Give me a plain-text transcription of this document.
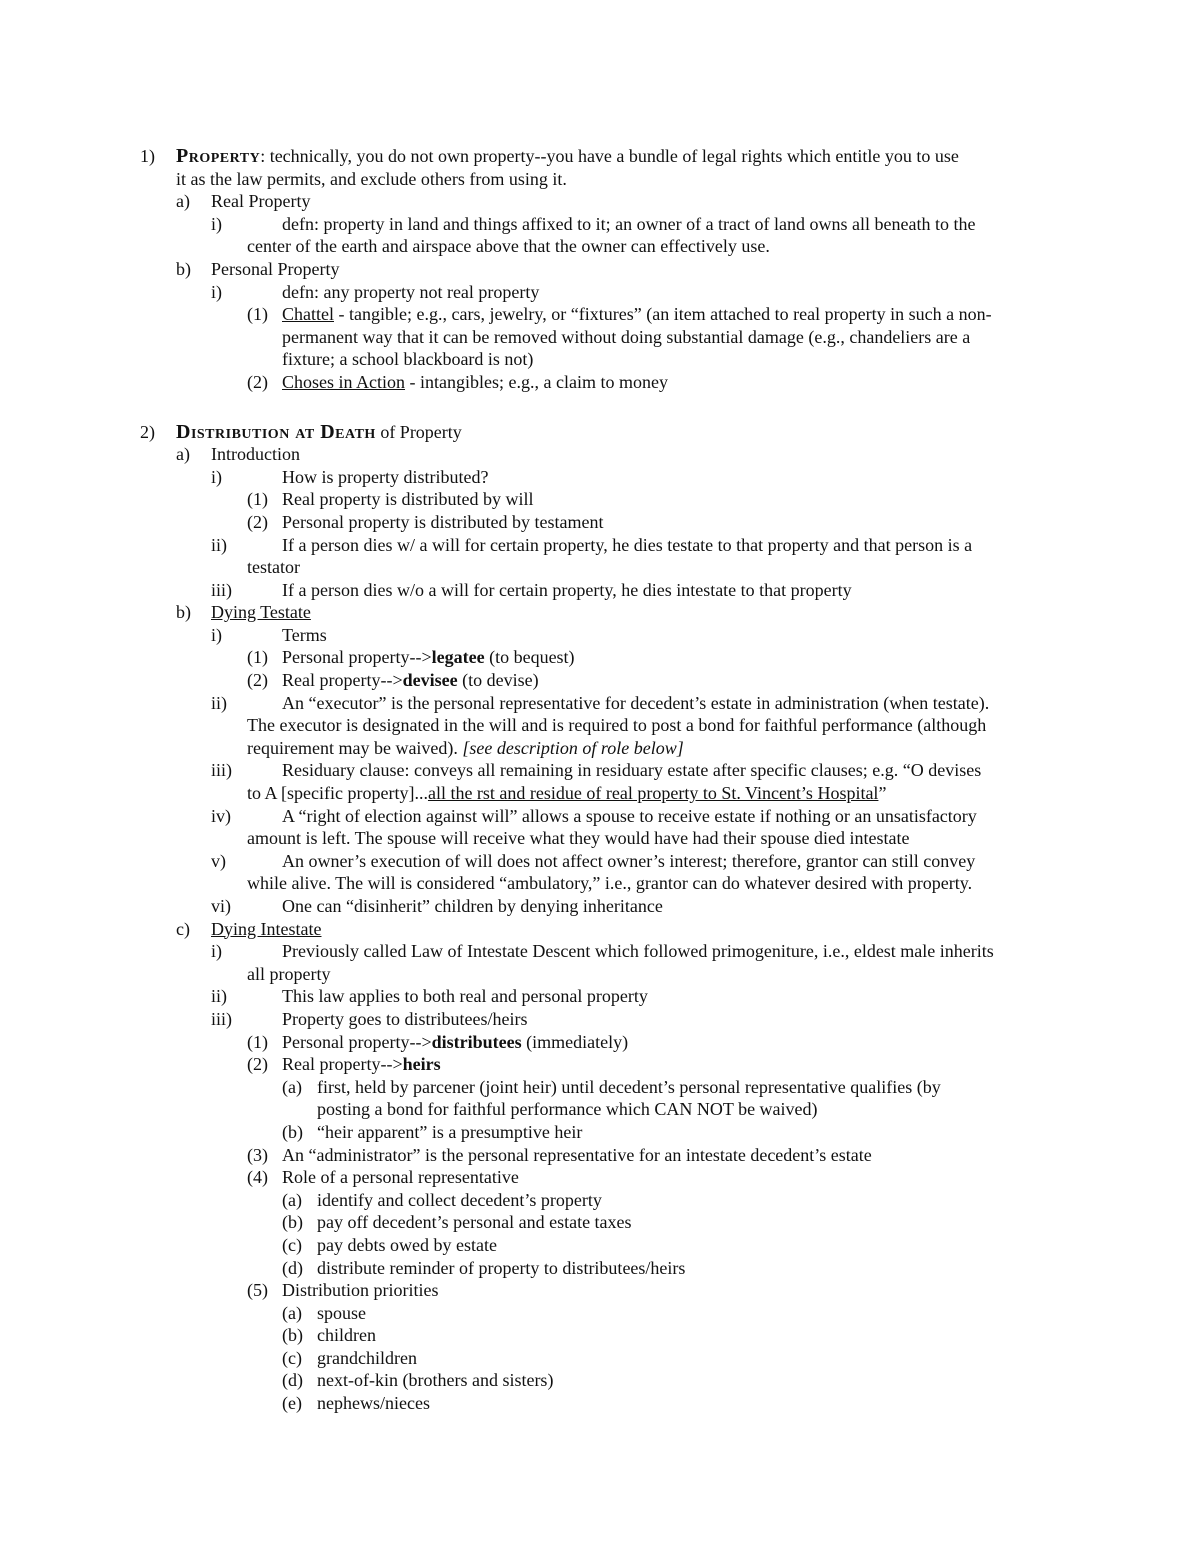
1) Property: technically, you do not own property--you have a bundle of legal rights which entitle you to use
it as the law permits, and exclude others from using it.
a) Real Property
i)	defn: property in land and things affixed to it; an owner of a tract of land owns all beneath to the
center of the earth and airspace above that the owner can effectively use.
b) Personal Property
i)	defn: any property not real property
(1) Chattel - tangible; e.g., cars, jewelry, or “fixtures” (an item attached to real property in such a non-
permanent way that it can be removed without doing substantial damage (e.g., chandeliers are a
fixture; a school blackboard is not)
(2) Choses in Action - intangibles; e.g., a claim to money
2) Distribution at Death of Property
a) Introduction
i)	How is property distributed?
(1) Real property is distributed by will
(2) Personal property is distributed by testament
ii)	If a person dies w/ a will for certain property, he dies testate to that property and that person is a
testator
iii)	If a person dies w/o a will for certain property, he dies intestate to that property
b) Dying Testate
i)	Terms
(1) Personal property-->legatee (to bequest)
(2) Real property-->devisee (to devise)
ii)	An “executor” is the personal representative for decedent’s estate in administration (when testate).
The executor is designated in the will and is required to post a bond for faithful performance (although
requirement may be waived). [see description of role below]
iii)	Residuary clause: conveys all remaining in residuary estate after specific clauses; e.g. “O devises
to A [specific property]...all the rst and residue of real property to St. Vincent’s Hospital”
iv)	A “right of election against will” allows a spouse to receive estate if nothing or an unsatisfactory
amount is left. The spouse will receive what they would have had their spouse died intestate
v)	An owner’s execution of will does not affect owner’s interest; therefore, grantor can still convey
while alive. The will is considered “ambulatory,” i.e., grantor can do whatever desired with property.
vi)	One can “disinherit” children by denying inheritance
c) Dying Intestate
i)	Previously called Law of Intestate Descent which followed primogeniture, i.e., eldest male inherits
all property
ii)	This law applies to both real and personal property
iii)	Property goes to distributees/heirs
(1) Personal property-->distributees (immediately)
(2) Real property-->heirs
(a) first, held by parcener (joint heir) until decedent’s personal representative qualifies (by
posting a bond for faithful performance which CAN NOT be waived)
(b) “heir apparent” is a presumptive heir
(3) An “administrator” is the personal representative for an intestate decedent’s estate
(4) Role of a personal representative
(a) identify and collect decedent’s property
(b) pay off decedent’s personal and estate taxes
(c) pay debts owed by estate
(d) distribute reminder of property to distributees/heirs
(5) Distribution priorities
(a) spouse
(b) children
(c) grandchildren
(d) next-of-kin (brothers and sisters)
(e) nephews/nieces
